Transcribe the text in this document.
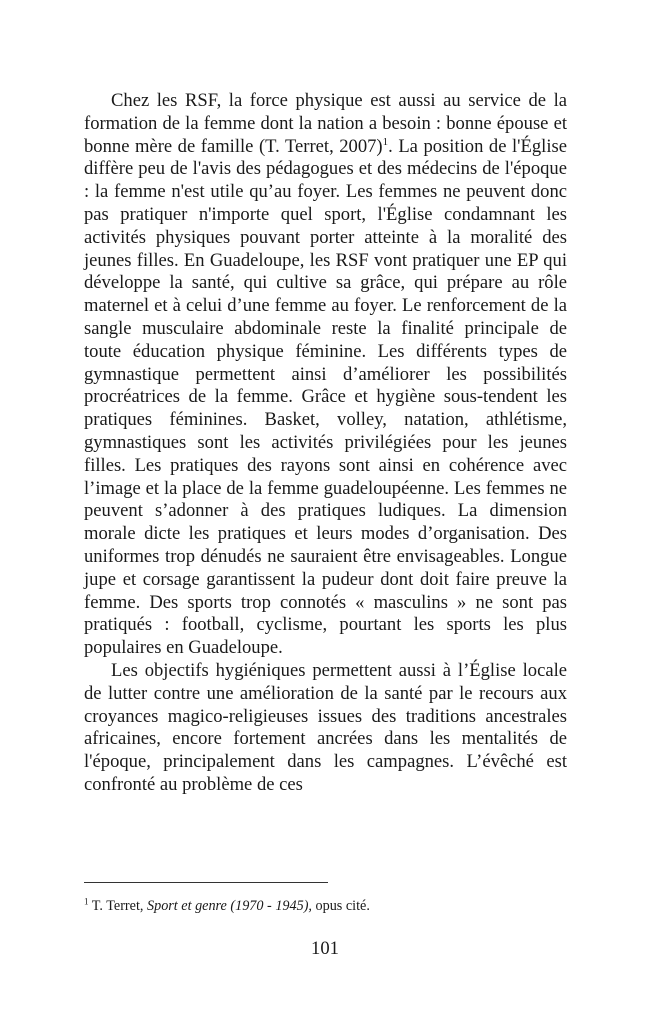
Chez les RSF, la force physique est aussi au service de la formation de la femme dont la nation a besoin : bonne épouse et bonne mère de famille (T. Terret, 2007)$^1$. La position de l'Église diffère peu de l'avis des pédagogues et des médecins de l'époque : la femme n'est utile qu’au foyer. Les femmes ne peuvent donc pas pratiquer n'importe quel sport, l'Église condamnant les activités physiques pouvant porter atteinte à la moralité des jeunes filles. En Guadeloupe, les RSF vont pratiquer une EP qui développe la santé, qui cultive sa grâce, qui prépare au rôle maternel et à celui d’une femme au foyer. Le renforcement de la sangle musculaire abdominale reste la finalité principale de toute éducation physique féminine. Les différents types de gymnastique permettent ainsi d’améliorer les possibilités procréatrices de la femme. Grâce et hygiène sous-tendent les pratiques féminines. Basket, volley, natation, athlétisme, gymnastiques sont les activités privilégiées pour les jeunes filles. Les pratiques des rayons sont ainsi en cohérence avec l’image et la place de la femme guadeloupéenne. Les femmes ne peuvent s’adonner à des pratiques ludiques. La dimension morale dicte les pratiques et leurs modes d’organisation. Des uniformes trop dénudés ne sauraient être envisageables. Longue jupe et corsage garantissent la pudeur dont doit faire preuve la femme. Des sports trop connotés « masculins » ne sont pas pratiqués : football, cyclisme, pourtant les sports les plus populaires en Guadeloupe.

Les objectifs hygiéniques permettent aussi à l’Église locale de lutter contre une amélioration de la santé par le recours aux croyances magico-religieuses issues des traditions ancestrales africaines, encore fortement ancrées dans les mentalités de l'époque, principalement dans les campagnes. L’évêché est confronté au problème de ces

$^1$ T. Terret, Sport et genre (1970 - 1945), opus cité.

101
